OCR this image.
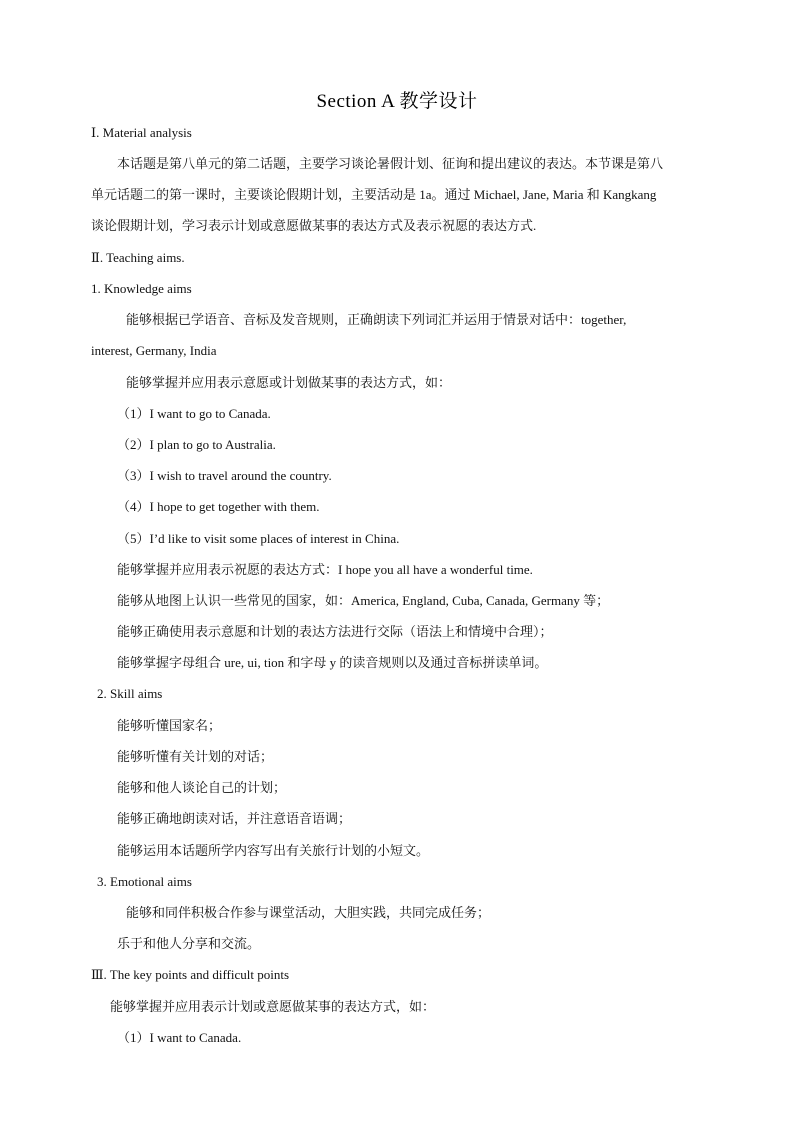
Section A 教学设计
Ⅰ. Material analysis
本话题是第八单元的第二话题，主要学习谈论暑假计划、征询和提出建议的表达。本节课是第八
单元话题二的第一课时，主要谈论假期计划，主要活动是 1a。通过 Michael, Jane, Maria 和 Kangkang
谈论假期计划，学习表示计划或意愿做某事的表达方式及表示祝愿的表达方式.
Ⅱ. Teaching aims.
1. Knowledge aims
能够根据已学语音、音标及发音规则，正确朗读下列词汇并运用于情景对话中：together,
interest, Germany, India
能够掌握并应用表示意愿或计划做某事的表达方式，如：
（1）I want to go to Canada.
（2）I plan to go to Australia.
（3）I wish to travel around the country.
（4）I hope to get together with them.
（5）I’d like to visit some places of interest in China.
能够掌握并应用表示祝愿的表达方式：I hope you all have a wonderful time.
能够从地图上认识一些常见的国家，如：America, England, Cuba, Canada, Germany 等；
能够正确使用表示意愿和计划的表达方法进行交际（语法上和情境中合理）；
能够掌握字母组合 ure, ui, tion 和字母 y 的读音规则以及通过音标拼读单词。
2. Skill aims
能够听懂国家名；
能够听懂有关计划的对话；
能够和他人谈论自己的计划；
能够正确地朗读对话，并注意语音语调；
能够运用本话题所学内容写出有关旅行计划的小短文。
3. Emotional aims
能够和同伴积极合作参与课堂活动，大胆实践，共同完成任务；
乐于和他人分享和交流。
Ⅲ. The key points and difficult points
能够掌握并应用表示计划或意愿做某事的表达方式，如：
（1）I want to Canada.
